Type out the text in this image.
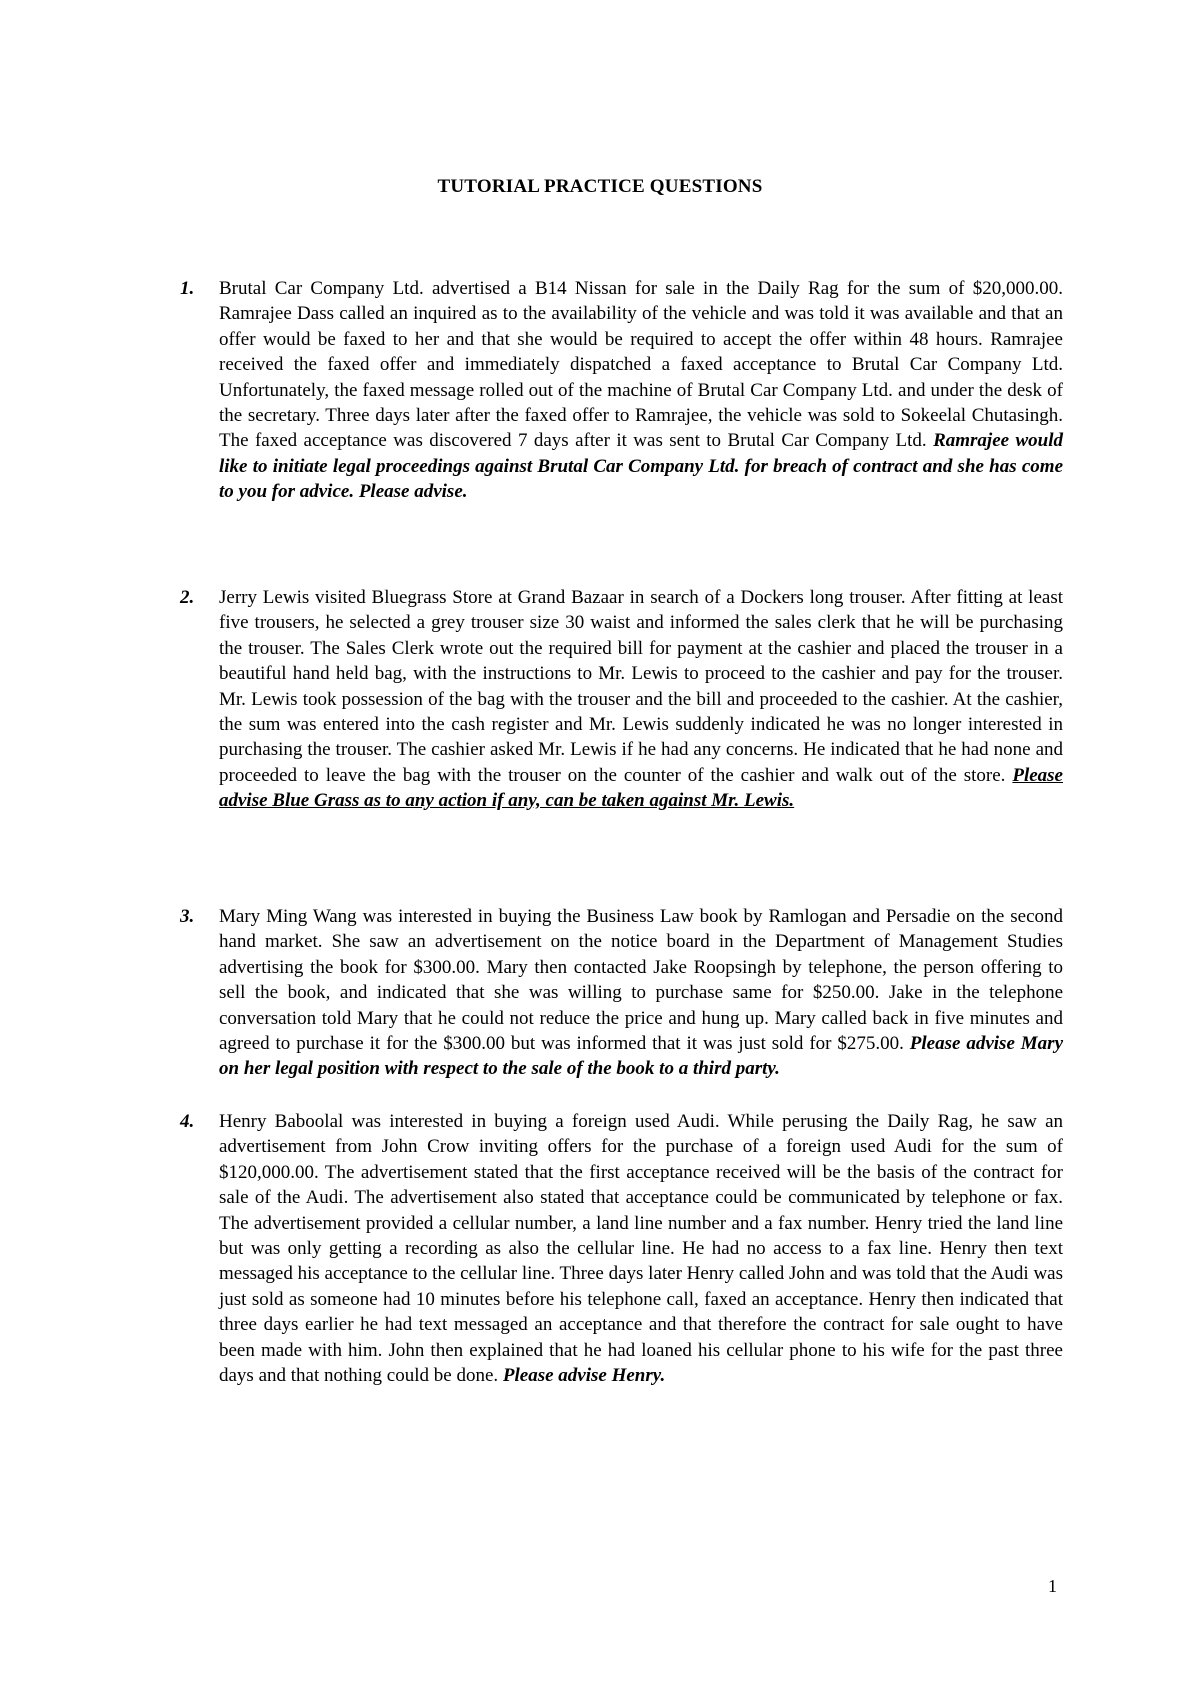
TUTORIAL PRACTICE QUESTIONS
1. Brutal Car Company Ltd. advertised a B14 Nissan for sale in the Daily Rag for the sum of $20,000.00. Ramrajee Dass called an inquired as to the availability of the vehicle and was told it was available and that an offer would be faxed to her and that she would be required to accept the offer within 48 hours. Ramrajee received the faxed offer and immediately dispatched a faxed acceptance to Brutal Car Company Ltd. Unfortunately, the faxed message rolled out of the machine of Brutal Car Company Ltd. and under the desk of the secretary. Three days later after the faxed offer to Ramrajee, the vehicle was sold to Sokeelal Chutasingh. The faxed acceptance was discovered 7 days after it was sent to Brutal Car Company Ltd. Ramrajee would like to initiate legal proceedings against Brutal Car Company Ltd. for breach of contract and she has come to you for advice. Please advise.
2. Jerry Lewis visited Bluegrass Store at Grand Bazaar in search of a Dockers long trouser. After fitting at least five trousers, he selected a grey trouser size 30 waist and informed the sales clerk that he will be purchasing the trouser. The Sales Clerk wrote out the required bill for payment at the cashier and placed the trouser in a beautiful hand held bag, with the instructions to Mr. Lewis to proceed to the cashier and pay for the trouser. Mr. Lewis took possession of the bag with the trouser and the bill and proceeded to the cashier. At the cashier, the sum was entered into the cash register and Mr. Lewis suddenly indicated he was no longer interested in purchasing the trouser. The cashier asked Mr. Lewis if he had any concerns. He indicated that he had none and proceeded to leave the bag with the trouser on the counter of the cashier and walk out of the store. Please advise Blue Grass as to any action if any, can be taken against Mr. Lewis.
3. Mary Ming Wang was interested in buying the Business Law book by Ramlogan and Persadie on the second hand market. She saw an advertisement on the notice board in the Department of Management Studies advertising the book for $300.00. Mary then contacted Jake Roopsingh by telephone, the person offering to sell the book, and indicated that she was willing to purchase same for $250.00. Jake in the telephone conversation told Mary that he could not reduce the price and hung up. Mary called back in five minutes and agreed to purchase it for the $300.00 but was informed that it was just sold for $275.00. Please advise Mary on her legal position with respect to the sale of the book to a third party.
4. Henry Baboolal was interested in buying a foreign used Audi. While perusing the Daily Rag, he saw an advertisement from John Crow inviting offers for the purchase of a foreign used Audi for the sum of $120,000.00. The advertisement stated that the first acceptance received will be the basis of the contract for sale of the Audi. The advertisement also stated that acceptance could be communicated by telephone or fax. The advertisement provided a cellular number, a land line number and a fax number. Henry tried the land line but was only getting a recording as also the cellular line. He had no access to a fax line. Henry then text messaged his acceptance to the cellular line. Three days later Henry called John and was told that the Audi was just sold as someone had 10 minutes before his telephone call, faxed an acceptance. Henry then indicated that three days earlier he had text messaged an acceptance and that therefore the contract for sale ought to have been made with him. John then explained that he had loaned his cellular phone to his wife for the past three days and that nothing could be done. Please advise Henry.
1
